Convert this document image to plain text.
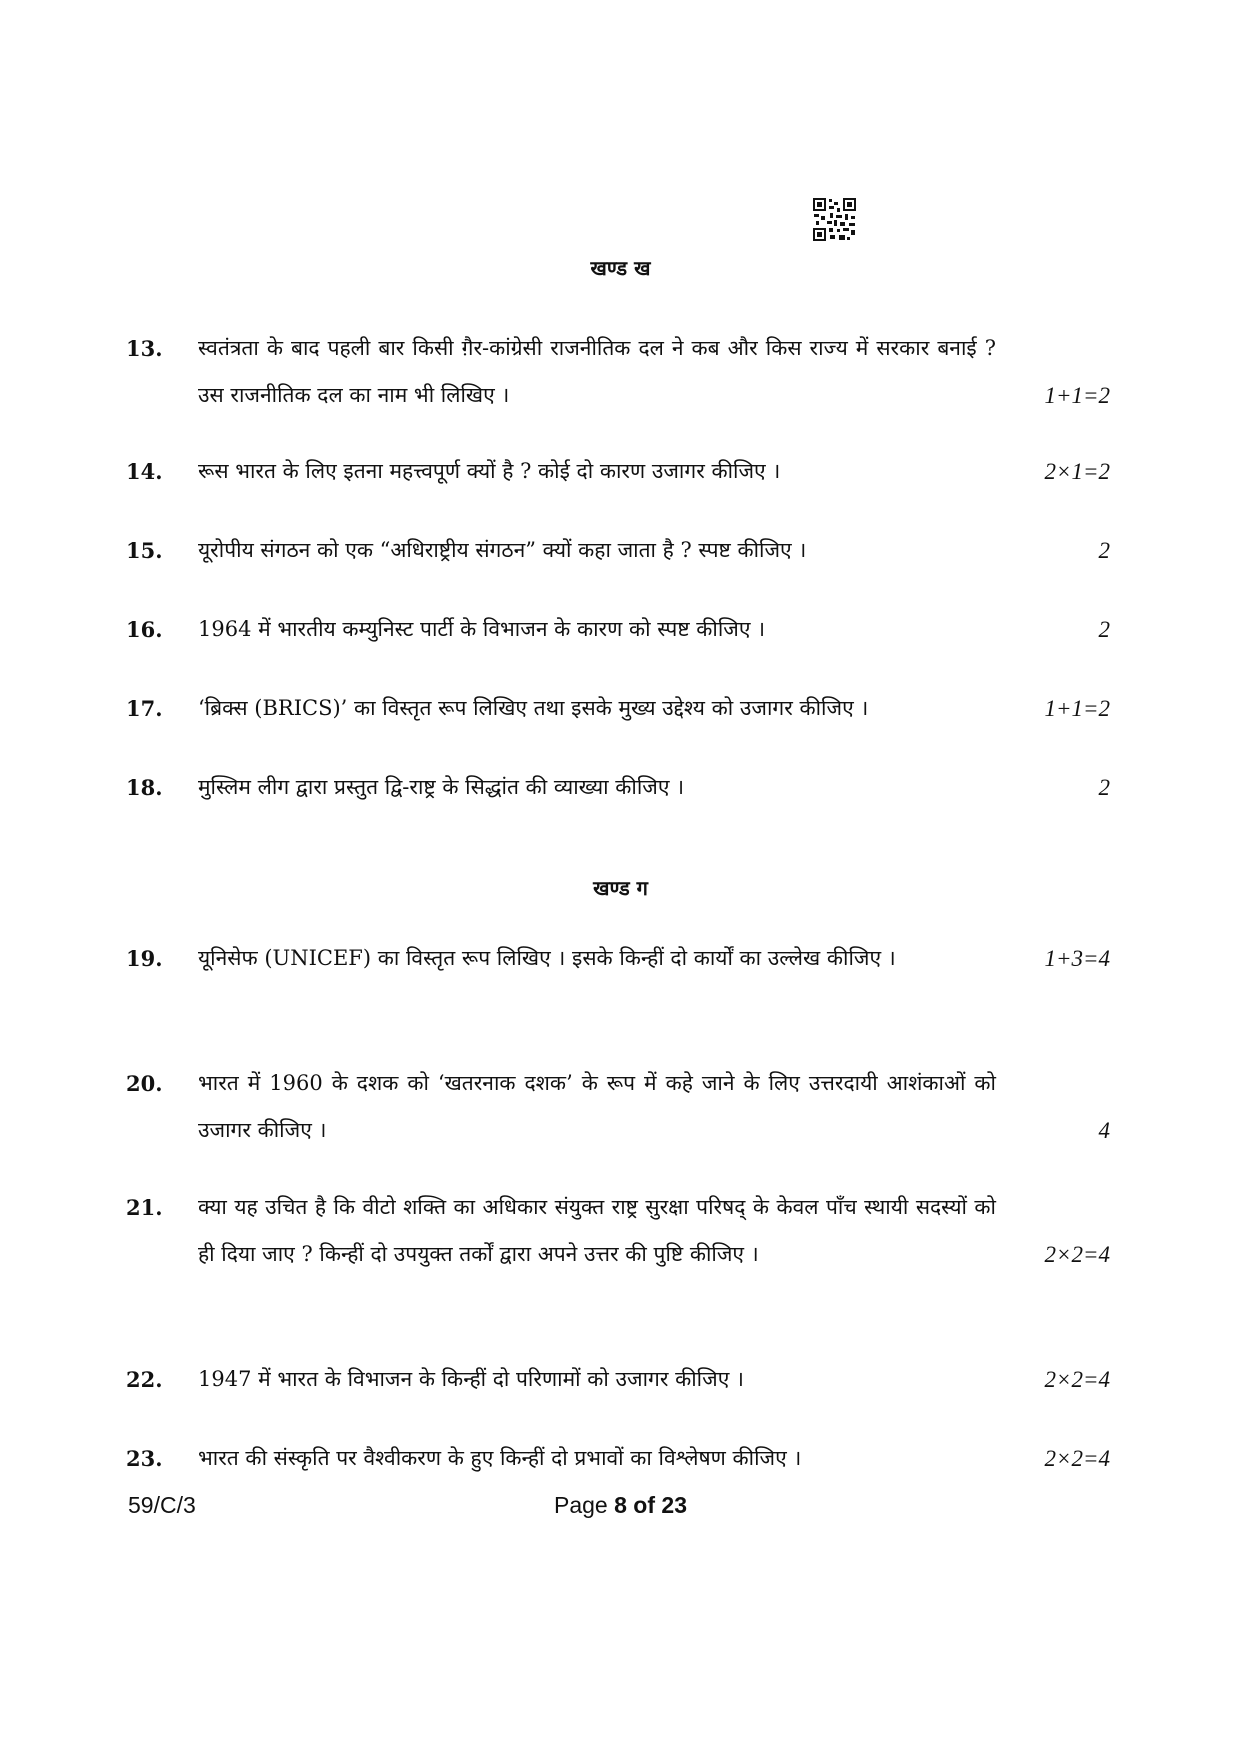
खण्ड ख
13. स्वतंत्रता के बाद पहली बार किसी ग़ैर-कांग्रेसी राजनीतिक दल ने कब और किस राज्य में सरकार बनाई ? उस राजनीतिक दल का नाम भी लिखिए ।	1+1=2
14. रूस भारत के लिए इतना महत्त्वपूर्ण क्यों है ? कोई दो कारण उजागर कीजिए ।	2×1=2
15. यूरोपीय संगठन को एक “अधिराष्ट्रीय संगठन” क्यों कहा जाता है ? स्पष्ट कीजिए ।	2
16. 1964 में भारतीय कम्युनिस्ट पार्टी के विभाजन के कारण को स्पष्ट कीजिए ।	2
17. ‘ब्रिक्स (BRICS)’ का विस्तृत रूप लिखिए तथा इसके मुख्य उद्देश्य को उजागर कीजिए ।	1+1=2
18. मुस्लिम लीग द्वारा प्रस्तुत द्वि-राष्ट्र के सिद्धांत की व्याख्या कीजिए ।	2
खण्ड ग
19. यूनिसेफ (UNICEF) का विस्तृत रूप लिखिए । इसके किन्हीं दो कार्यों का उल्लेख कीजिए ।	1+3=4
20. भारत में 1960 के दशक को ‘खतरनाक दशक’ के रूप में कहे जाने के लिए उत्तरदायी आशंकाओं को उजागर कीजिए ।	4
21. क्या यह उचित है कि वीटो शक्ति का अधिकार संयुक्त राष्ट्र सुरक्षा परिषद् के केवल पाँच स्थायी सदस्यों को ही दिया जाए ? किन्हीं दो उपयुक्त तर्कों द्वारा अपने उत्तर की पुष्टि कीजिए ।	2×2=4
22. 1947 में भारत के विभाजन के किन्हीं दो परिणामों को उजागर कीजिए ।	2×2=4
23. भारत की संस्कृति पर वैश्वीकरण के हुए किन्हीं दो प्रभावों का विश्लेषण कीजिए ।	2×2=4
59/C/3	Page 8 of 23
